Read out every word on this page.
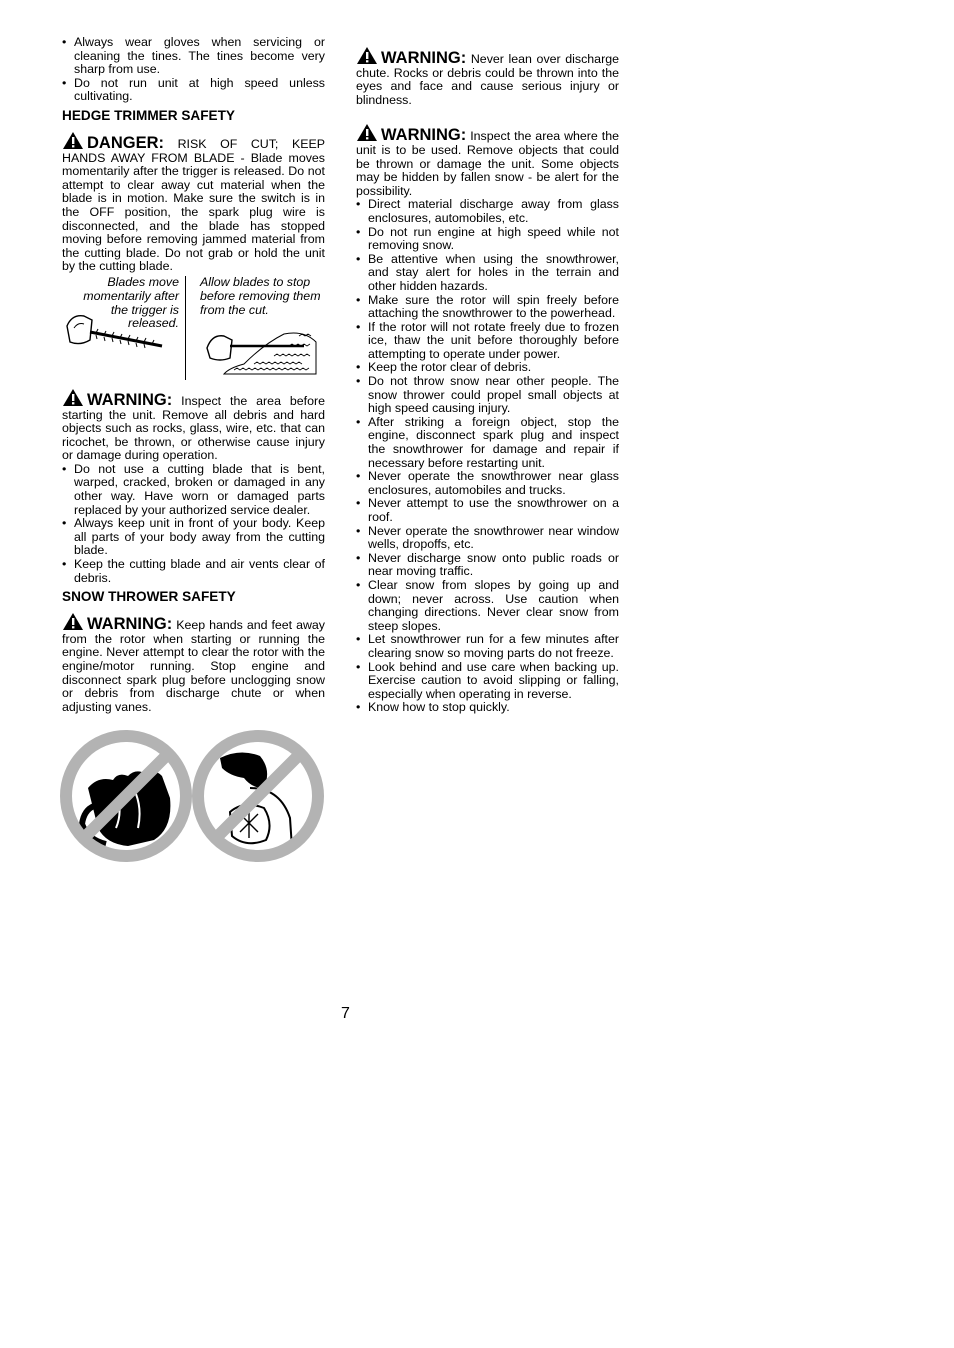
• Always wear gloves when servicing or cleaning the tines. The tines become very sharp from use.
• Do not run unit at high speed unless cultivating.
HEDGE TRIMMER SAFETY

DANGER: RISK OF CUT; KEEP HANDS AWAY FROM BLADE - Blade moves momentarily after the trigger is released. Do not attempt to clear away cut material when the blade is in motion. Make sure the switch is in the OFF position, the spark plug wire is disconnected, and the blade has stopped moving before removing jammed material from the cutting blade. Do not grab or hold the unit by the cutting blade.

Blades move momentarily after the trigger is released.
Allow blades to stop before removing them from the cut.

WARNING: Inspect the area before starting the unit. Remove all debris and hard objects such as rocks, glass, wire, etc. that can ricochet, be thrown, or otherwise cause injury or damage during operation.

• Do not use a cutting blade that is bent, warped, cracked, broken or damaged in any other way. Have worn or damaged parts replaced by your authorized service dealer.
• Always keep unit in front of your body. Keep all parts of your body away from the cutting blade.
• Keep the cutting blade and air vents clear of debris.
SNOW THROWER SAFETY

WARNING: Keep hands and feet away from the rotor when starting or running the engine. Never attempt to clear the rotor with the engine/motor running. Stop engine and disconnect spark plug before unclogging snow or debris from discharge chute or when adjusting vanes.

WARNING: Never lean over discharge chute. Rocks or debris could be thrown into the eyes and face and cause serious injury or blindness.

WARNING: Inspect the area where the unit is to be used. Remove objects that could be thrown or damage the unit. Some objects may be hidden by fallen snow - be alert for the possibility.

• Direct material discharge away from glass enclosures, automobiles, etc.
• Do not run engine at high speed while not removing snow.
• Be attentive when using the snowthrower, and stay alert for holes in the terrain and other hidden hazards.
• Make sure the rotor will spin freely before attaching the snowthrower to the powerhead.
• If the rotor will not rotate freely due to frozen ice, thaw the unit before thoroughly before attempting to operate under power.
• Keep the rotor clear of debris.
• Do not throw snow near other people. The snow thrower could propel small objects at high speed causing injury.
• After striking a foreign object, stop the engine, disconnect spark plug and inspect the snowthrower for damage and repair if necessary before restarting unit.
• Never operate the snowthrower near glass enclosures, automobiles and trucks.
• Never attempt to use the snowthrower on a roof.
• Never operate the snowthrower near window wells, dropoffs, etc.
• Never discharge snow onto public roads or near moving traffic.
• Clear snow from slopes by going up and down; never across. Use caution when changing directions. Never clear snow from steep slopes.
• Let snowthrower run for a few minutes after clearing snow so moving parts do not freeze.
• Look behind and use care when backing up. Exercise caution to avoid slipping or falling, especially when operating in reverse.
• Know how to stop quickly.
7
